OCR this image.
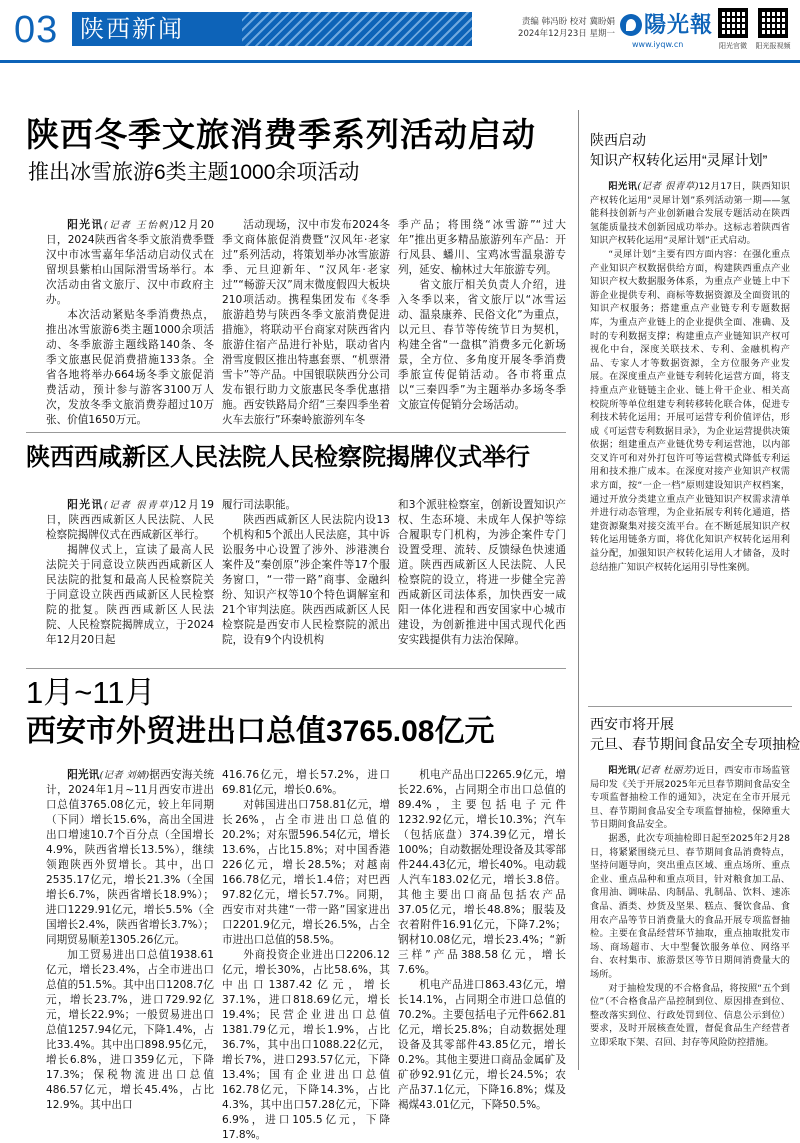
03 陕西新闻	责编 韩冯盼 校对 冀盼娟
2024年12月23日 星期一 陽光報
www.iyqw.cn	阳光官微	阳光报视频
陕西冬季文旅消费季系列活动启动
推出冰雪旅游6类主题1000余项活动

阳光讯(记者 王怡帆)12月20日，2024陕西省冬季文旅消费季暨汉中市冰雪嘉年华活动启动仪式在留坝县紫柏山国际滑雪场举行。本次活动由省文旅厅、汉中市政府主办。

本次活动紧贴冬季消费热点，推出冰雪旅游6类主题1000余项活动、冬季旅游主题线路140条、冬季文旅惠民促消费措施133条。全省各地将举办664场冬季文旅促消费活动，预计参与游客3100万人次，发放冬季文旅消费券超过10万张、价值1650万元。

活动现场，汉中市发布2024冬季文商体旅促消费暨“汉风年·老家过”系列活动，将策划举办冰雪旅游季、元旦迎新年、“汉风年·老家过”“畅游天汉”周末微度假四大板块210项活动。携程集团发布《冬季旅游趋势与陕西冬季文旅消费促进措施》，将联动平台商家对陕西省内旅游住宿产品进行补贴，联动省内滑雪度假区推出特惠套票、“机票滑雪卡”等产品。中国银联陕西分公司发布银行助力文旅惠民冬季优惠措施。西安铁路局介绍“三秦四季坐着火车去旅行”环秦岭旅游列车冬

季产品；将围绕“冰雪游”“过大年”推出更多精品旅游列车产品：开行凤县、蟠川、宝鸡冰雪温泉游专列，延安、榆林过大年旅游专列。

省文旅厅相关负责人介绍，进入冬季以来，省文旅厅以“冰雪运动、温泉康养、民俗文化”为重点，以元旦、春节等传统节日为契机，构建全省“一盘棋”消费多元化新场景，全方位、多角度开展冬季消费季旅宣传促销活动。各市将重点以“三秦四季”为主题举办多场冬季文旅宣传促销分会场活动。

陕西西咸新区人民法院人民检察院揭牌仪式举行

阳光讯(记者 很青草)12月19日，陕西西咸新区人民法院、人民检察院揭牌仪式在西咸新区举行。

揭牌仪式上，宣读了最高人民法院关于同意设立陕西西咸新区人民法院的批复和最高人民检察院关于同意设立陕西西咸新区人民检察院的批复。陕西西咸新区人民法院、人民检察院揭牌成立，于2024年12月20日起

履行司法职能。

陕西西咸新区人民法院内设13个机构和5个派出人民法庭，其中诉讼服务中心设置了涉外、涉港澳台案件及“秦创原”涉企案件等17个服务窗口，“一带一路”商事、金融纠纷、知识产权等10个特色调解室和21个审判法庭。陕西西咸新区人民检察院是西安市人民检察院的派出院，设有9个内设机构

和3个派驻检察室，创新设置知识产权、生态环境、未成年人保护等综合履职专门机构，为涉企案件专门设置受理、流转、反馈绿色快速通道。陕西西咸新区人民法院、人民检察院的设立，将进一步健全完善西咸新区司法体系，加快西安一咸阳一体化进程和西安国家中心城市建设，为创新推进中国式现代化西安实践提供有力法治保障。

1月~11月
西安市外贸进出口总值3765.08亿元

阳光讯(记者 刘婧)据西安海关统计，2024年1月~11月西安市进出口总值3765.08亿元，较上年同期（下同）增长15.6%，高出全国进出口增速10.7个百分点（全国增长4.9%，陕西省增长13.5%），继续领跑陕西外贸增长。其中，出口2535.17亿元，增长21.3%（全国增长6.7%，陕西省增长18.9%）；进口1229.91亿元，增长5.5%（全国增长2.4%，陕西省增长3.7%）；同期贸易顺差1305.26亿元。

加工贸易进出口总值1938.61亿元，增长23.4%，占全市进出口总值的51.5%。其中出口1208.7亿元，增长23.7%，进口729.92亿元，增长22.9%；一般贸易进出口总值1257.94亿元，下降1.4%，占比33.4%。其中出口898.95亿元，增长6.8%，进口359亿元，下降17.3%；保税物流进出口总值486.57亿元，增长45.4%，占比12.9%。其中出口

416.76亿元，增长57.2%，进口69.81亿元，增长0.6%。

对韩国进出口758.81亿元，增长26%，占全市进出口总值的20.2%；对东盟596.54亿元，增长13.6%，占比15.8%；对中国香港226亿元，增长28.5%；对越南166.78亿元，增长1.4倍；对巴西97.82亿元，增长57.7%。同期，西安市对共建“一带一路”国家进出口2201.9亿元，增长26.5%，占全市进出口总值的58.5%。

外商投资企业进出口2206.12亿元，增长30%，占比58.6%，其中出口1387.42亿元，增长37.1%，进口818.69亿元，增长19.4%；民营企业进出口总值1381.79亿元，增长1.9%，占比36.7%，其中出口1088.22亿元，增长7%，进口293.57亿元，下降13.4%；国有企业进出口总值162.78亿元，下降14.3%，占比4.3%，其中出口57.28亿元，下降6.9%，进口105.5亿元，下降17.8%。

机电产品出口2265.9亿元，增长22.6%，占同期全市出口总值的89.4%，主要包括电子元件1232.92亿元，增长10.3%；汽车（包括底盘）374.39亿元，增长100%；自动数据处理设备及其零部件244.43亿元，增长40%。电动载人汽车183.02亿元，增长3.8倍。其他主要出口商品包括农产品37.05亿元，增长48.8%；服装及衣着附件16.91亿元，下降7.2%；钢材10.08亿元，增长23.4%；“新三样”产品388.58亿元，增长7.6%。

机电产品进口863.43亿元，增长14.1%，占同期全市进口总值的70.2%。主要包括电子元件662.81亿元，增长25.8%；自动数据处理设备及其零部件43.85亿元，增长0.2%。其他主要进口商品金属矿及矿砂92.91亿元，增长24.5%；农产品37.1亿元，下降16.8%；煤及褐煤43.01亿元，下降50.5%。

陕西启动
知识产权转化运用“灵犀计划”

阳光讯(记者 很青草)12月17日，陕西知识产权转化运用“灵犀计划”系列活动第一期——氢能科技创新与产业创新融合发展专题活动在陕西氢能质量技术创新园成功举办。这标志着陕西省知识产权转化运用“灵犀计划”正式启动。

“灵犀计划”主要有四方面内容：在强化重点产业知识产权数据供给方面，构建陕西重点产业知识产权大数据服务体系，为重点产业链上中下游企业提供专利、商标等数据资源及全面资讯的知识产权服务；搭建重点产业链专利专题数据库，为重点产业链上的企业提供全面、准确、及时的专利数据支撑；构建重点产业链知识产权可视化中台，深度关联技术、专利、金融机构产品、专家人才等数据资源，全方位服务产业发展。在深度重点产业链专利转化运营方面，将支持重点产业链链主企业、链上骨干企业、相关高校院所等单位组建专利转移转化联合体，促进专利技术转化运用；开展可运营专利价值评估，形成《可运营专利数据目录》，为企业运营提供决策依据；组建重点产业链优势专利运营池，以内部交叉许可和对外打包许可等运营模式降低专利运用和技术推广成本。在深度对接产业知识产权需求方面，按“一企一档”原则建设知识产权档案，通过开放分类建立重点产业链知识产权需求清单并进行动态管理，为企业拓展专利转化通道，搭建资源聚集对接交流平台。在不断延展知识产权转化运用链条方面，将优化知识产权转化运用利益分配，加强知识产权转化运用人才储备，及时总结推广知识产权转化运用引导性案例。

西安市将开展
元旦、春节期间食品安全专项抽检

阳光讯(记者 杜丽芳)近日，西安市市场监管局印发《关于开展2025年元旦春节期间食品安全专项监督抽检工作的通知》，决定在全市开展元旦、春节期间食品安全专项监督抽检，保障重大节日期间食品安全。

据悉，此次专项抽检即日起至2025年2月28日，将紧紧围绕元旦、春节期间食品消费特点，坚持问题导向，突出重点区域、重点场所、重点企业、重点品种和重点项目，针对粮食加工品、食用油、调味品、肉制品、乳制品、饮料、速冻食品、酒类、炒货及坚果、糕点、餐饮食品、食用农产品等节日消费量大的食品开展专项监督抽检。主要在食品经营环节抽取，重点抽取批发市场、商场超市、大中型餐饮服务单位、网络平台、农村集市、旅游景区等节日期间消费量大的场所。

对于抽检发现的不合格食品，将按照“五个到位”（不合格食品产品控制到位、原因排查到位、整改落实到位、行政处罚到位、信息公示到位）要求，及时开展核查处置，督促食品生产经营者立即采取下架、召回、封存等风险防控措施。
